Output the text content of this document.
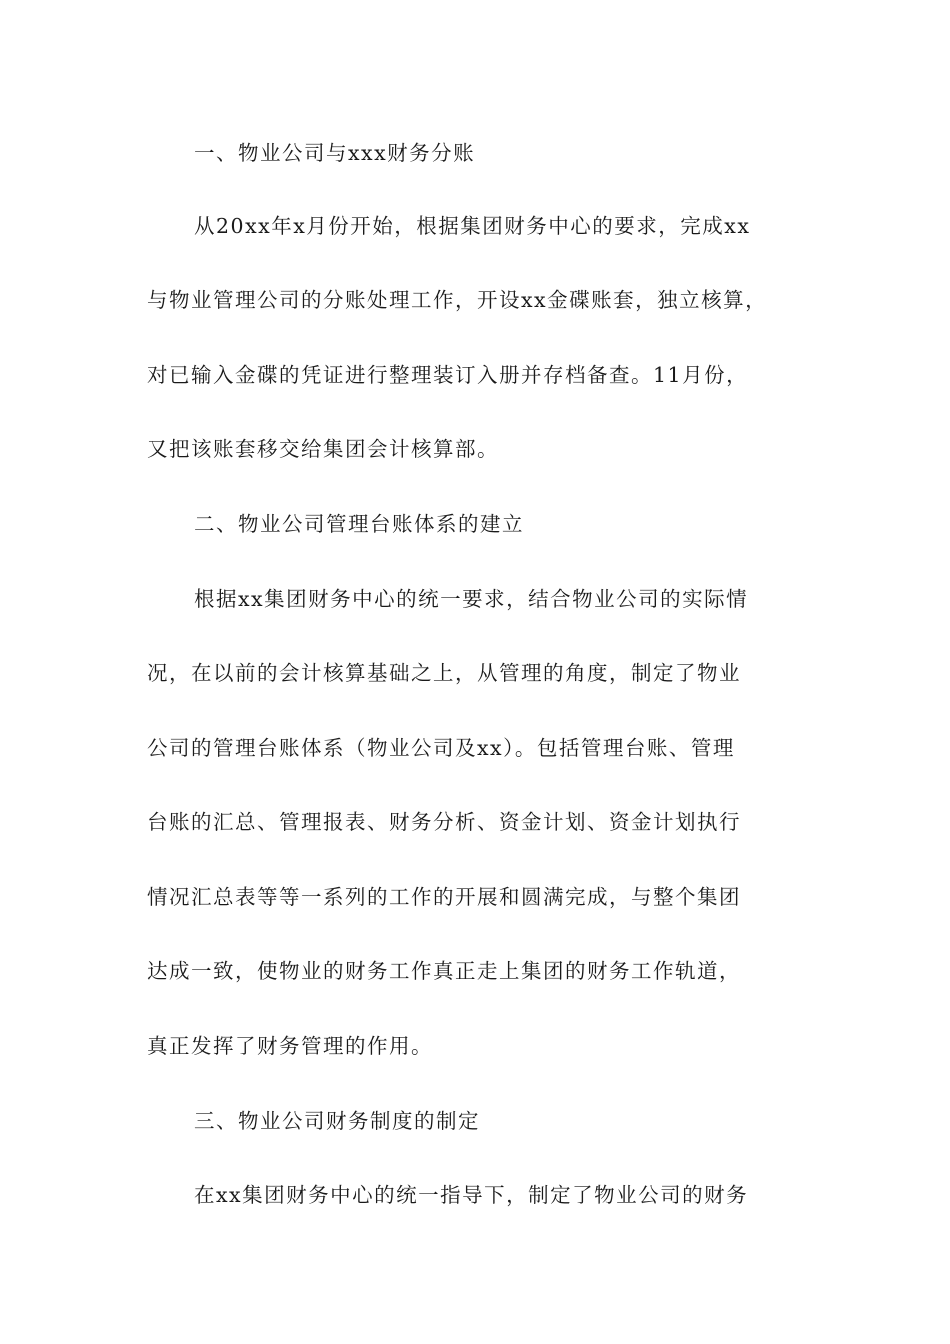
一、物业公司与xxx财务分账
从20xx年x月份开始，根据集团财务中心的要求，完成xx
与物业管理公司的分账处理工作，开设xx金碟账套，独立核算，
对已输入金碟的凭证进行整理装订入册并存档备查。11月份，
又把该账套移交给集团会计核算部。
二、物业公司管理台账体系的建立
根据xx集团财务中心的统一要求，结合物业公司的实际情
况，在以前的会计核算基础之上，从管理的角度，制定了物业
公司的管理台账体系（物业公司及xx）。包括管理台账、管理
台账的汇总、管理报表、财务分析、资金计划、资金计划执行
情况汇总表等等一系列的工作的开展和圆满完成，与整个集团
达成一致，使物业的财务工作真正走上集团的财务工作轨道，
真正发挥了财务管理的作用。
三、物业公司财务制度的制定
在xx集团财务中心的统一指导下，制定了物业公司的财务
